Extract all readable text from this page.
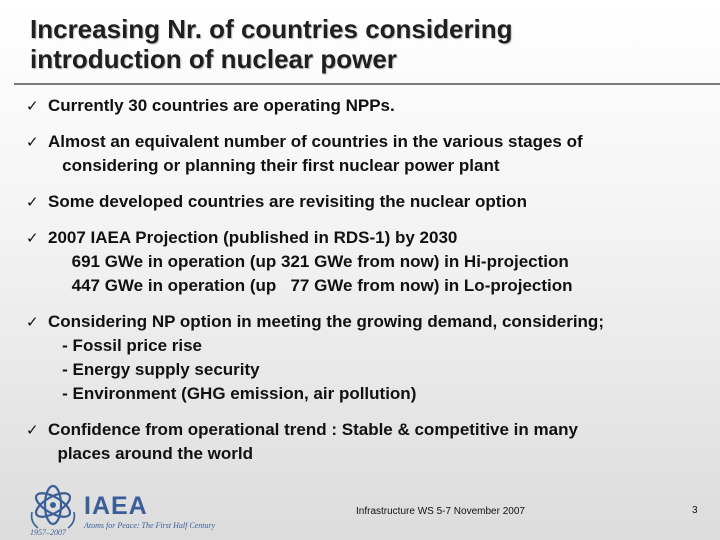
Increasing Nr. of countries considering
introduction of nuclear power
✓ Currently 30 countries are operating NPPs.
✓ Almost an equivalent number of countries in the various stages of
considering or planning their first nuclear power plant
✓ Some developed countries are revisiting the nuclear option
✓ 2007 IAEA Projection (published in RDS-1) by 2030
691 GWe in operation (up 321 GWe from now) in Hi-projection
447 GWe in operation (up   77 GWe from now) in Lo-projection
✓ Considering NP option in meeting the growing demand, considering;
- Fossil price rise
- Energy supply security
- Environment (GHG emission, air pollution)
✓ Confidence from operational trend : Stable & competitive in many
places around the world
IAEA
Atoms for Peace: The First Half Century
1957–2007
Infrastructure WS 5-7 November 2007	3
